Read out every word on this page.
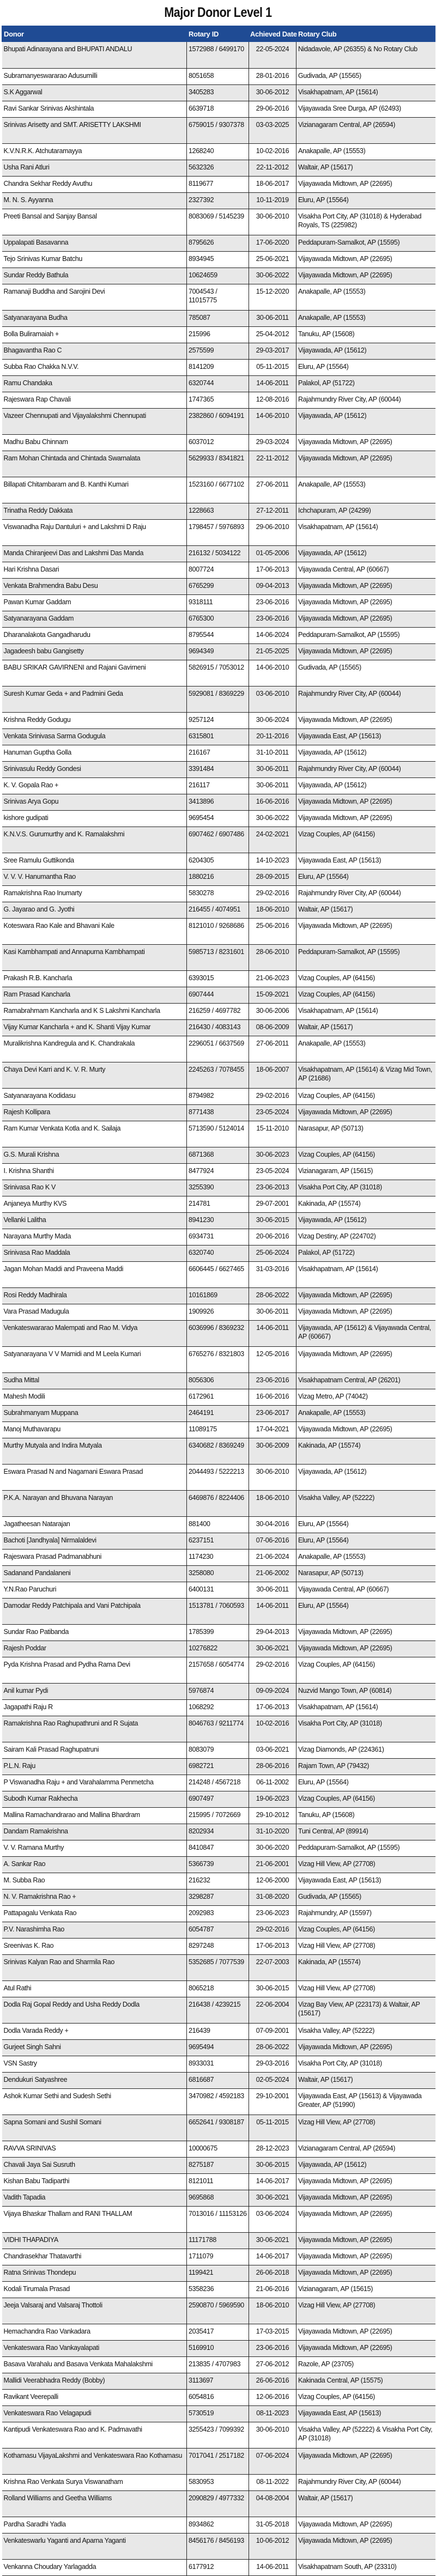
Major Donor Level 1
Donor	Rotary ID	Achieved Date	Rotary Club
Bhupati Adinarayana and BHUPATI ANDALU	1572988 / 6499170	22-05-2024	Nidadavole, AP (26355) & No Rotary Club
Subramanyeswararao Adusumilli	8051658	28-01-2016	Gudivada, AP (15565)
S.K Aggarwal	3405283	30-06-2012	Visakhapatnam, AP (15614)
Ravi Sankar Srinivas Akshintala	6639718	29-06-2016	Vijayawada Sree Durga, AP (62493)
Srinivas Arisetty and SMT. ARISETTY LAKSHMI	6759015 / 9307378	03-03-2025	Vizianagaram Central, AP (26594)
K.V.N.R.K. Atchutaramayya	1268240	10-02-2016	Anakapalle, AP (15553)
Usha Rani Atluri	5632326	22-11-2012	Waltair, AP (15617)
Chandra Sekhar Reddy Avuthu	8119677	18-06-2017	Vijayawada Midtown, AP (22695)
M. N. S. Ayyanna	2327392	10-11-2019	Eluru, AP (15564)
Preeti Bansal and Sanjay Bansal	8083069 / 5145239	30-06-2010	Visakha Port City, AP (31018) & Hyderabad Royals, TS (225982)
Uppalapati Basavanna	8795626	17-06-2020	Peddapuram-Samalkot, AP (15595)
Tejo Srinivas Kumar Batchu	8934945	25-06-2021	Vijayawada Midtown, AP (22695)
Sundar Reddy Bathula	10624659	30-06-2022	Vijayawada Midtown, AP (22695)
Ramanaji Buddha and Sarojini Devi	7004543 / 11015775	15-12-2020	Anakapalle, AP (15553)
Satyanarayana Budha	785087	30-06-2011	Anakapalle, AP (15553)
Bolla Buliramaiah +	215996	25-04-2012	Tanuku, AP (15608)
Bhagavantha Rao C	2575599	29-03-2017	Vijayawada, AP (15612)
Subba Rao Chakka N.V.V.	8141209	05-11-2015	Eluru, AP (15564)
Ramu Chandaka	6320744	14-06-2011	Palakol, AP (51722)
Rajeswara Rap Chavali	1747365	12-08-2016	Rajahmundry River City, AP (60044)
Vazeer Chennupati and Vijayalakshmi Chennupati	2382860 / 6094191	14-06-2010	Vijayawada, AP (15612)
Madhu Babu Chinnam	6037012	29-03-2024	Vijayawada Midtown, AP (22695)
Ram Mohan Chintada and Chintada Swarnalata	5629933 / 8341821	22-11-2012	Vijayawada Midtown, AP (22695)
Billapati Chitambaram and B. Kanthi Kumari	1523160 / 6677102	27-06-2011	Anakapalle, AP (15553)
Trinatha Reddy Dakkata	1228663	27-12-2011	Ichchapuram, AP (24299)
Viswanadha Raju Dantuluri + and Lakshmi D Raju	1798457 / 5976893	29-06-2010	Visakhapatnam, AP (15614)
Manda Chiranjeevi Das and Lakshmi Das Manda	216132 / 5034122	01-05-2006	Vijayawada, AP (15612)
Hari Krishna Dasari	8007724	17-06-2013	Vijayawada Central, AP (60667)
Venkata Brahmendra Babu Desu	6765299	09-04-2013	Vijayawada Midtown, AP (22695)
Pawan Kumar Gaddam	9318111	23-06-2016	Vijayawada Midtown, AP (22695)
Satyanarayana Gaddam	6765300	23-06-2016	Vijayawada Midtown, AP (22695)
Dharanalakota Gangadharudu	8795544	14-06-2024	Peddapuram-Samalkot, AP (15595)
Jagadeesh babu Gangisetty	9694349	21-05-2025	Vijayawada Midtown, AP (22695)
BABU SRIKAR GAVIRNENI and Rajani Gavirneni	5826915 / 7053012	14-06-2010	Gudivada, AP (15565)
Suresh Kumar Geda + and Padmini Geda	5929081 / 8369229	03-06-2010	Rajahmundry River City, AP (60044)
Krishna Reddy Godugu	9257124	30-06-2024	Vijayawada Midtown, AP (22695)
Venkata Srinivasa Sarma Godugula	6315801	20-11-2016	Vijayawada East, AP (15613)
Hanuman Guptha Golla	216167	31-10-2011	Vijayawada, AP (15612)
Srinivasulu Reddy Gondesi	3391484	30-06-2011	Rajahmundry River City, AP (60044)
K. V. Gopala Rao +	216117	30-06-2011	Vijayawada, AP (15612)
Srinivas Arya Gopu	3413896	16-06-2016	Vijayawada Midtown, AP (22695)
kishore gudipati	9695454	30-06-2022	Vijayawada Midtown, AP (22695)
K.N.V.S. Gurumurthy and K. Ramalakshmi	6907462 / 6907486	24-02-2021	Vizag Couples, AP (64156)
Sree Ramulu Guttikonda	6204305	14-10-2023	Vijayawada East, AP (15613)
V. V. V. Hanumantha Rao	1880216	28-09-2015	Eluru, AP (15564)
Ramakrishna Rao Inumarty	5830278	29-02-2016	Rajahmundry River City, AP (60044)
G. Jayarao and G. Jyothi	216455 / 4074951	18-06-2010	Waltair, AP (15617)
Koteswara Rao Kale and Bhavani Kale	8121010 / 9268686	25-06-2016	Vijayawada Midtown, AP (22695)
Kasi Kambhampati and Annapurna Kambhampati	5985713 / 8231601	28-06-2010	Peddapuram-Samalkot, AP (15595)
Prakash R.B. Kancharla	6393015	21-06-2023	Vizag Couples, AP (64156)
Ram Prasad Kancharla	6907444	15-09-2021	Vizag Couples, AP (64156)
Ramabrahmam Kancharla and K S Lakshmi Kancharla	216259 / 4697782	30-06-2006	Visakhapatnam, AP (15614)
Vijay Kumar Kancharla + and K. Shanti Vijay Kumar	216430 / 4083143	08-06-2009	Waltair, AP (15617)
Muralikrishna Kandregula and K. Chandrakala	2296051 / 6637569	27-06-2011	Anakapalle, AP (15553)
Chaya Devi Karri and K. V. R. Murty	2245263 / 7078455	18-06-2007	Visakhapatnam, AP (15614) & Vizag Mid Town, AP (21686)
Satyanarayana Kodidasu	8794982	29-02-2016	Vizag Couples, AP (64156)
Rajesh Kollipara	8771438	23-05-2024	Vijayawada Midtown, AP (22695)
Ram Kumar Venkata Kotla and K. Sailaja	5713590 / 5124014	15-11-2010	Narasapur, AP (50713)
G.S. Murali Krishna	6871368	30-06-2023	Vizag Couples, AP (64156)
I. Krishna Shanthi	8477924	23-05-2024	Vizianagaram, AP (15615)
Srinivasa Rao K V	3255390	23-06-2013	Visakha Port City, AP (31018)
Anjaneya Murthy KVS	214781	29-07-2001	Kakinada, AP (15574)
Vellanki Lalitha	8941230	30-06-2015	Vijayawada, AP (15612)
Narayana Murthy Mada	6934731	20-06-2016	Vizag Destiny, AP (224702)
Srinivasa Rao Maddala	6320740	25-06-2024	Palakol, AP (51722)
Jagan Mohan Maddi and Praveena Maddi	6606445 / 6627465	31-03-2016	Visakhapatnam, AP (15614)
Rosi Reddy Madhirala	10161869	28-06-2022	Vijayawada Midtown, AP (22695)
Vara Prasad Madugula	1909926	30-06-2011	Vijayawada Midtown, AP (22695)
Venkateswararao Malempati and Rao M. Vidya	6036996 / 8369232	14-06-2011	Vijayawada, AP (15612) & Vijayawada Central, AP (60667)
Satyanarayana V V Mamidi and M Leela Kumari	6765276 / 8321803	12-05-2016	Vijayawada Midtown, AP (22695)
Sudha Mittal	8056306	23-06-2016	Visakhapatnam Central, AP (26201)
Mahesh Modili	6172961	16-06-2016	Vizag Metro, AP (74042)
Subrahmanyam Muppana	2464191	23-06-2017	Anakapalle, AP (15553)
Manoj Muthavarapu	11089175	17-04-2021	Vijayawada Midtown, AP (22695)
Murthy Mutyala and Indira Mutyala	6340682 / 8369249	30-06-2009	Kakinada, AP (15574)
Eswara Prasad N and Nagamani Eswara Prasad	2044493 / 5222213	30-06-2010	Vijayawada, AP (15612)
P.K.A. Narayan and Bhuvana Narayan	6469876 / 8224406	18-06-2010	Visakha Valley, AP (52222)
Jagatheesan Natarajan	881400	30-04-2016	Eluru, AP (15564)
Bachoti [Jandhyala] Nirmalaldevi	6237151	07-06-2016	Eluru, AP (15564)
Rajeswara Prasad Padmanabhuni	1174230	21-06-2024	Anakapalle, AP (15553)
Sadanand Pandalaneni	3258080	21-06-2002	Narasapur, AP (50713)
Y.N.Rao Paruchuri	6400131	30-06-2011	Vijayawada Central, AP (60667)
Damodar Reddy Patchipala and Vani Patchipala	1513781 / 7060593	14-06-2011	Eluru, AP (15564)
Sundar Rao Patibanda	1785399	29-04-2013	Vijayawada Midtown, AP (22695)
Rajesh Poddar	10276822	30-06-2021	Vijayawada Midtown, AP (22695)
Pyda Krishna Prasad and Pydha Rama Devi	2157658 / 6054774	29-02-2016	Vizag Couples, AP (64156)
Anil kumar Pydi	5976874	09-09-2024	Nuzvid Mango Town, AP (60814)
Jagapathi Raju R	1068292	17-06-2013	Visakhapatnam, AP (15614)
Ramakrishna Rao Raghupathruni and R Sujata	8046763 / 9211774	10-02-2016	Visakha Port City, AP (31018)
Sairam Kali Prasad Raghupatruni	8083079	03-06-2021	Vizag Diamonds, AP (224361)
P.L.N. Raju	6982721	28-06-2016	Rajam Town, AP (79432)
P Viswanadha Raju + and Varahalamma Penmetcha	214248 / 4567218	06-11-2002	Eluru, AP (15564)
Subodh Kumar Rakhecha	6907497	19-06-2023	Vizag Couples, AP (64156)
Mallina Ramachandrarao and Mallina Bhardram	215995 / 7072669	29-10-2012	Tanuku, AP (15608)
Dandam Ramakrishna	8202934	31-10-2020	Tuni Central, AP (89914)
V. V. Ramana Murthy	8410847	30-06-2020	Peddapuram-Samalkot, AP (15595)
A. Sankar Rao	5366739	21-06-2001	Vizag Hill View, AP (27708)
M. Subba Rao	216232	12-06-2000	Vijayawada East, AP (15613)
N. V. Ramakrishna Rao +	3298287	31-08-2020	Gudivada, AP (15565)
Pattapagalu Venkata Rao	2092983	23-06-2023	Rajahmundry, AP (15597)
P.V. Narashimha Rao	6054787	29-02-2016	Vizag Couples, AP (64156)
Sreenivas K. Rao	8297248	17-06-2013	Vizag Hill View, AP (27708)
Srinivas Kalyan Rao and Sharmila Rao	5352685 / 7077539	22-07-2003	Kakinada, AP (15574)
Atul Rathi	8065218	30-06-2015	Vizag Hill View, AP (27708)
Dodla Raj Gopal Reddy and Usha Reddy Dodla	216438 / 4239215	22-06-2004	Vizag Bay View, AP (223173) & Waltair, AP (15617)
Dodla Varada Reddy +	216439	07-09-2001	Visakha Valley, AP (52222)
Gurjeet Singh Sahni	9695494	28-06-2022	Vijayawada Midtown, AP (22695)
VSN Sastry	8933031	29-03-2016	Visakha Port City, AP (31018)
Dendukuri Satyashree	6816687	02-05-2024	Waltair, AP (15617)
Ashok Kumar Sethi and Sudesh Sethi	3470982 / 4592183	29-10-2001	Vijayawada East, AP (15613) & Vijayawada Greater, AP (51990)
Sapna Somani and Sushil Somani	6652641 / 9308187	05-11-2015	Vizag Hill View, AP (27708)
RAVVA SRINIVAS	10000675	28-12-2023	Vizianagaram Central, AP (26594)
Chavali Jaya Sai Susruth	8275187	30-06-2015	Vijayawada, AP (15612)
Kishan Babu Tadiparthi	8121011	14-06-2017	Vijayawada Midtown, AP (22695)
Vadith Tapadia	9695868	30-06-2021	Vijayawada Midtown, AP (22695)
Vijaya Bhaskar Thallam and RANI THALLAM	7013016 / 11153126	03-06-2024	Vijayawada Midtown, AP (22695)
VIDHI THAPADIYA	11171788	30-06-2021	Vijayawada Midtown, AP (22695)
Chandrasekhar Thatavarthi	1711079	14-06-2017	Vijayawada Midtown, AP (22695)
Ratna Srinivas Thondepu	1199421	26-06-2018	Vijayawada Midtown, AP (22695)
Kodali Tirumala Prasad	5358236	21-06-2016	Vizianagaram, AP (15615)
Jeeja Valsaraj and Valsaraj Thottoli	2590870 / 5969590	18-06-2010	Vizag Hill View, AP (27708)
Hemachandra Rao Vankadara	2035417	17-03-2015	Vijayawada Midtown, AP (22695)
Venkateswara Rao Vankayalapati	5169910	23-06-2016	Vijayawada Midtown, AP (22695)
Basava Varahalu and Basava Venkata Mahalakshmi	213835 / 4707983	27-06-2012	Razole, AP (23705)
Mallidi Veerabhadra Reddy (Bobby)	3113697	26-06-2016	Kakinada Central, AP (15575)
Ravikant Veerepalli	6054816	12-06-2016	Vizag Couples, AP (64156)
Venkateswara Rao Velagapudi	5730519	08-11-2023	Vijayawada East, AP (15613)
Kantipudi Venkateswara Rao and K. Padmavathi	3255423 / 7099392	30-06-2010	Visakha Valley, AP (52222) & Visakha Port City, AP (31018)
Kothamasu VijayaLakshmi and Venkateswara Rao Kothamasu	7017041 / 2517182	07-06-2024	Vijayawada Midtown, AP (22695)
Krishna Rao Venkata Surya Viswanatham	5830953	08-11-2022	Rajahmundry River City, AP (60044)
Rolland Williams and Geetha Williams	2090829 / 4977332	04-08-2004	Waltair, AP (15617)
Pardha Saradhi Yadla	8934862	31-05-2018	Vijayawada Midtown, AP (22695)
Venkateswarlu Yaganti and Aparna Yaganti	8456176 / 8456193	10-06-2012	Vijayawada Midtown, AP (22695)
Venkanna Choudary Yarlagadda	6177912	14-06-2011	Visakhapatnam South, AP (23310)
